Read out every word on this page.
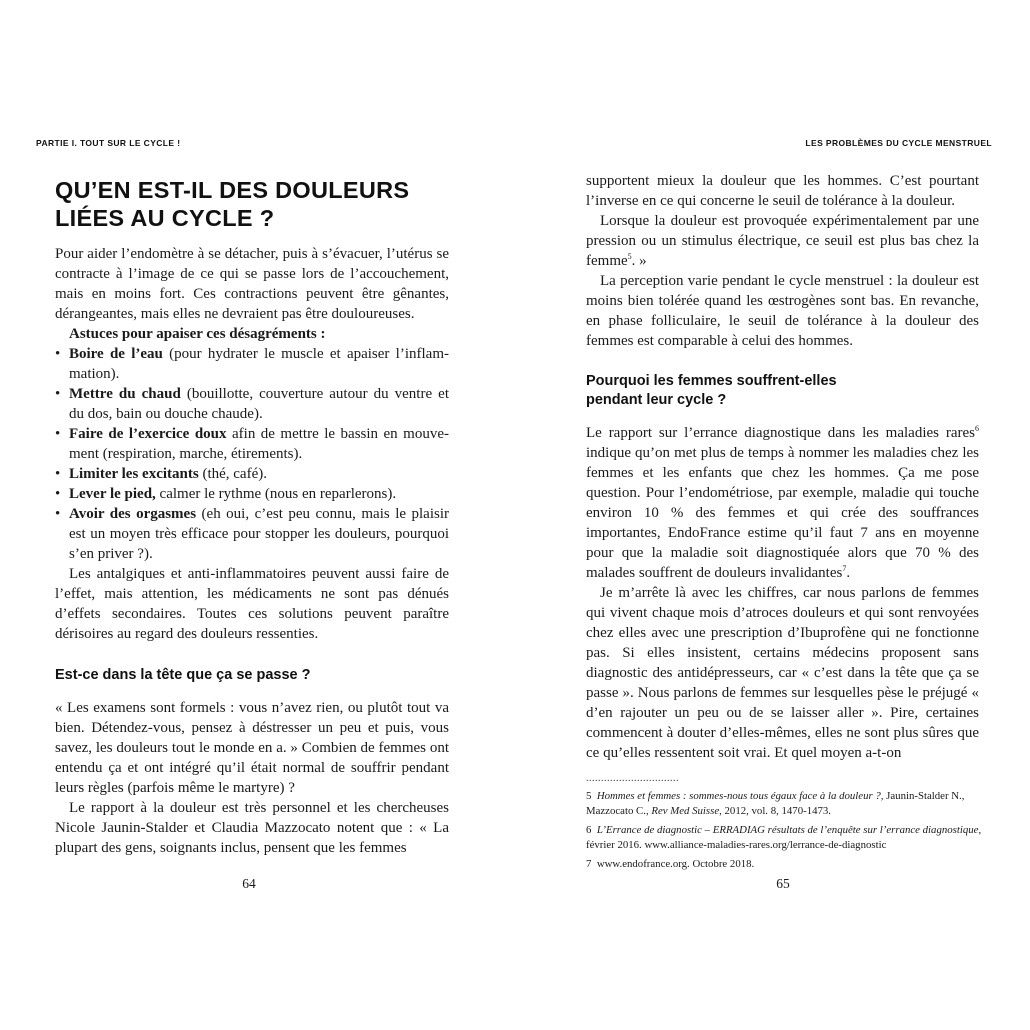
PARTIE I. TOUT SUR LE CYCLE !
QU’EN EST-IL DES DOULEURS
LIÉES AU CYCLE ?

Pour aider l’endomètre à se détacher, puis à s’évacuer, l’utérus se contracte à l’image de ce qui se passe lors de l’accouchement, mais en moins fort. Ces contractions peuvent être gênantes, dérangeantes, mais elles ne devraient pas être douloureuses.

Astuces pour apaiser ces désagréments :
• Boire de l’eau (pour hydrater le muscle et apaiser l’inflammation).
• Mettre du chaud (bouillotte, couverture autour du ventre et du dos, bain ou douche chaude).
• Faire de l’exercice doux afin de mettre le bassin en mouvement (respiration, marche, étirements).
• Limiter les excitants (thé, café).
• Lever le pied, calmer le rythme (nous en reparlerons).
• Avoir des orgasmes (eh oui, c’est peu connu, mais le plaisir est un moyen très efficace pour stopper les douleurs, pourquoi s’en priver ?).

Les antalgiques et anti-inflammatoires peuvent aussi faire de l’effet, mais attention, les médicaments ne sont pas dénués d’effets secondaires. Toutes ces solutions peuvent paraître dérisoires au regard des douleurs ressenties.

Est-ce dans la tête que ça se passe ?

« Les examens sont formels : vous n’avez rien, ou plutôt tout va bien. Détendez-vous, pensez à déstresser un peu et puis, vous savez, les douleurs tout le monde en a. » Combien de femmes ont entendu ça et ont intégré qu’il était normal de souffrir pendant leurs règles (parfois même le martyre) ?

Le rapport à la douleur est très personnel et les chercheuses Nicole Jaunin-Stalder et Claudia Mazzocato notent que : « La plupart des gens, soignants inclus, pensent que les femmes

64
LES PROBLÈMES DU CYCLE MENSTRUEL

supportent mieux la douleur que les hommes. C’est pourtant l’inverse en ce qui concerne le seuil de tolérance à la douleur.

Lorsque la douleur est provoquée expérimentalement par une pression ou un stimulus électrique, ce seuil est plus bas chez la femme$^5$. »

La perception varie pendant le cycle menstruel : la douleur est moins bien tolérée quand les œstrogènes sont bas. En revanche, en phase folliculaire, le seuil de tolérance à la douleur des femmes est comparable à celui des hommes.

Pourquoi les femmes souffrent-elles
pendant leur cycle ?

Le rapport sur l’errance diagnostique dans les maladies rares$^6$ indique qu’on met plus de temps à nommer les maladies chez les femmes et les enfants que chez les hommes. Ça me pose question. Pour l’endométriose, par exemple, maladie qui touche environ 10 % des femmes et qui crée des souffrances importantes, EndoFrance estime qu’il faut 7 ans en moyenne pour que la maladie soit diagnostiquée alors que 70 % des malades souffrent de douleurs invalidantes$^7$.

Je m’arrête là avec les chiffres, car nous parlons de femmes qui vivent chaque mois d’atroces douleurs et qui sont renvoyées chez elles avec une prescription d’Ibuprofène qui ne fonctionne pas. Si elles insistent, certains médecins proposent sans diagnostic des antidépresseurs, car « c’est dans la tête que ça se passe ». Nous parlons de femmes sur lesquelles pèse le préjugé « d’en rajouter un peu ou de se laisser aller ». Pire, certaines commencent à douter d’elles-mêmes, elles ne sont plus sûres que ce qu’elles ressentent soit vrai. Et quel moyen a-t-on

...............................

5 Hommes et femmes : sommes-nous tous égaux face à la douleur ?, Jaunin-Stalder N., Mazzocato C., Rev Med Suisse, 2012, vol. 8, 1470-1473.

6 L’Errance de diagnostic – ERRADIAG résultats de l’enquête sur l’errance diagnostique, février 2016. www.alliance-maladies-rares.org/lerrance-de-diagnostic

7 www.endofrance.org. Octobre 2018.

65
